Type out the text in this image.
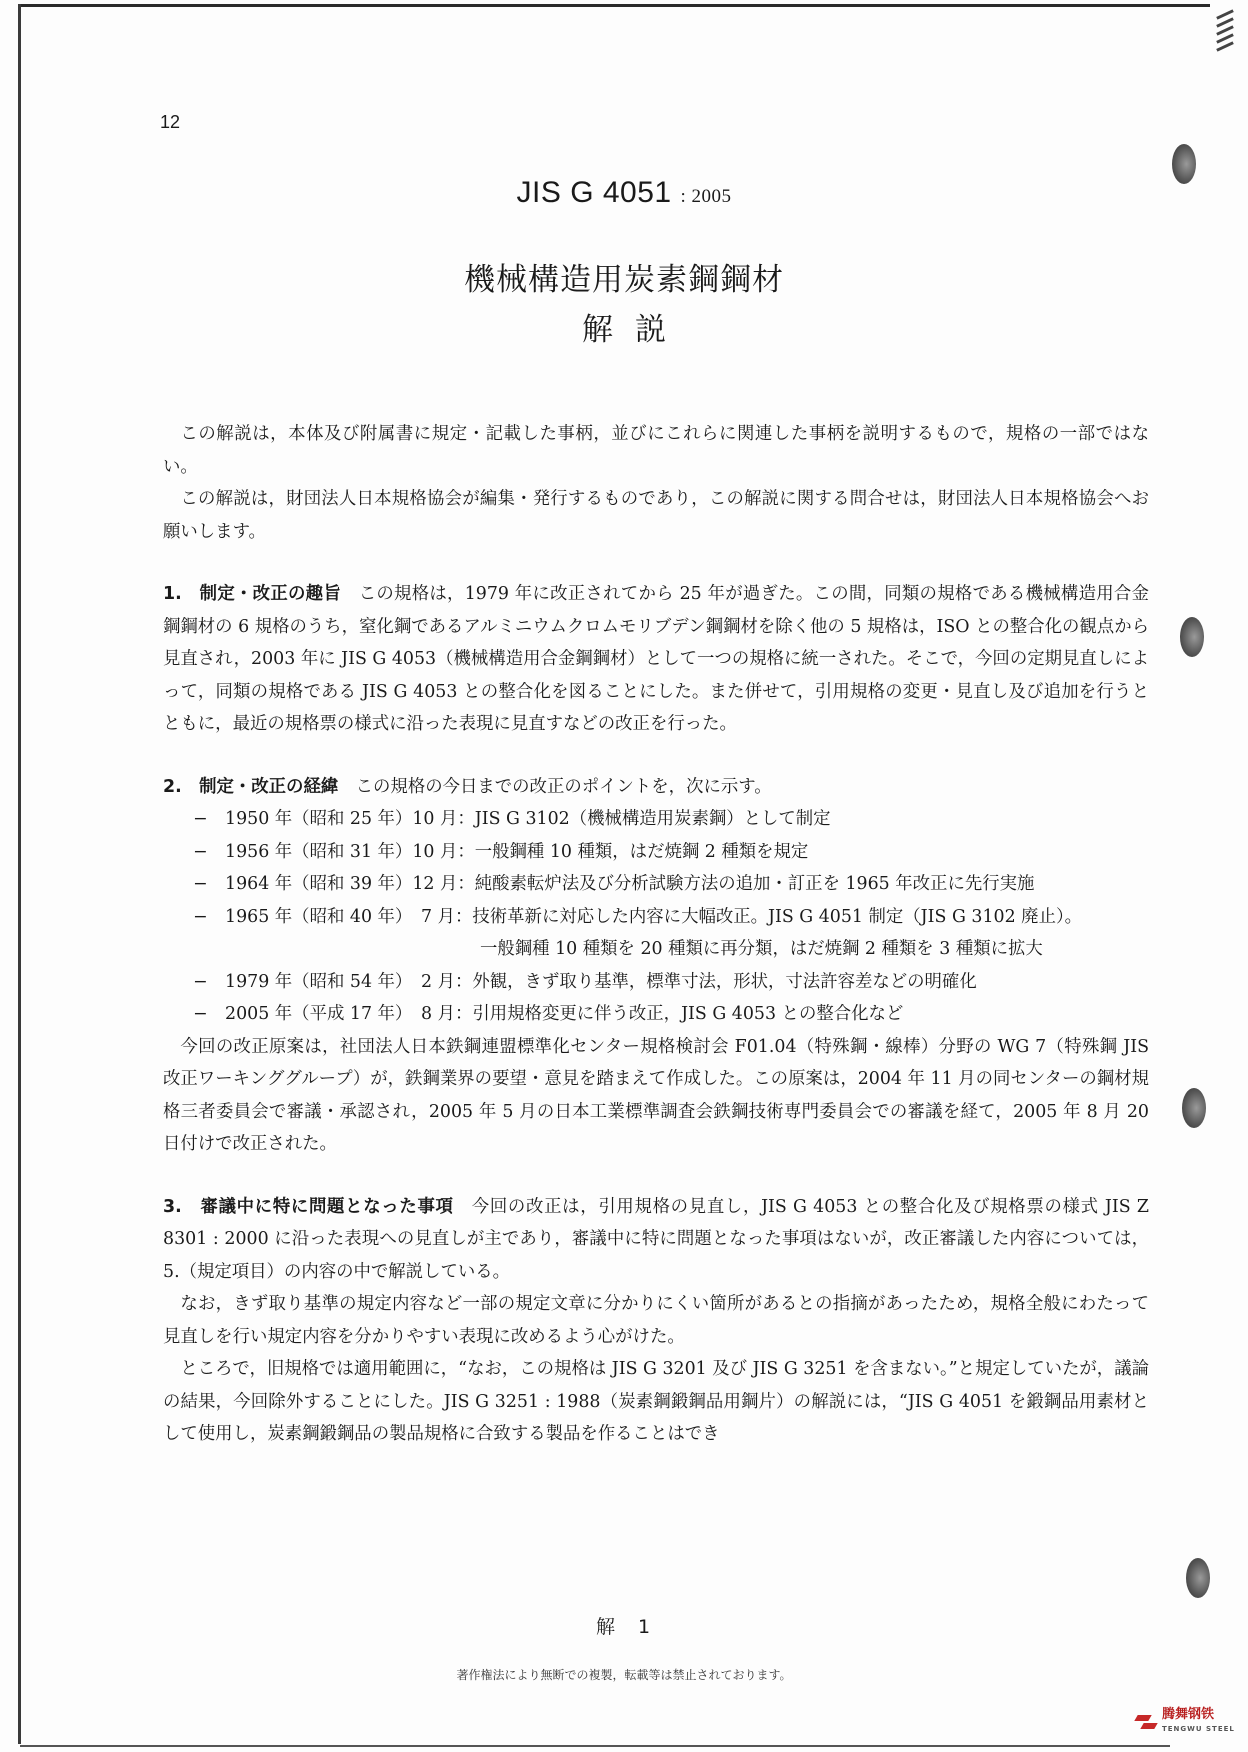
12
JIS G 4051 : 2005
機械構造用炭素鋼鋼材
解説

この解説は，本体及び附属書に規定・記載した事柄，並びにこれらに関連した事柄を説明するもので，規格の一部ではない。

この解説は，財団法人日本規格協会が編集・発行するものであり，この解説に関する問合せは，財団法人日本規格協会へお願いします。

1.　制定・改正の趣旨　 この規格は，1979 年に改正されてから 25 年が過ぎた。この間，同類の規格である機械構造用合金鋼鋼材の 6 規格のうち，窒化鋼であるアルミニウムクロムモリブデン鋼鋼材を除く他の 5 規格は，ISO との整合化の観点から見直され，2003 年に JIS G 4053（機械構造用合金鋼鋼材）として一つの規格に統一された。そこで，今回の定期見直しによって，同類の規格である JIS G 4053 との整合化を図ることにした。また併せて，引用規格の変更・見直し及び追加を行うとともに，最近の規格票の様式に沿った表現に見直すなどの改正を行った。

2.　制定・改正の経緯　 この規格の今日までの改正のポイントを，次に示す。

− 1950 年（昭和 25 年）10 月：JIS G 3102（機械構造用炭素鋼）として制定
− 1956 年（昭和 31 年）10 月：一般鋼種 10 種類，はだ焼鋼 2 種類を規定
− 1964 年（昭和 39 年）12 月：純酸素転炉法及び分析試験方法の追加・訂正を 1965 年改正に先行実施
− 1965 年（昭和 40 年）　7 月：技術革新に対応した内容に大幅改正。JIS G 4051 制定（JIS G 3102 廃止）。
一般鋼種 10 種類を 20 種類に再分類，はだ焼鋼 2 種類を 3 種類に拡大
− 1979 年（昭和 54 年）　2 月：外観，きず取り基準，標準寸法，形状，寸法許容差などの明確化
− 2005 年（平成 17 年）　8 月：引用規格変更に伴う改正，JIS G 4053 との整合化など

今回の改正原案は，社団法人日本鉄鋼連盟標準化センター規格検討会 F01.04（特殊鋼・線棒）分野の WG 7（特殊鋼 JIS 改正ワーキンググループ）が，鉄鋼業界の要望・意見を踏まえて作成した。この原案は，2004 年 11 月の同センターの鋼材規格三者委員会で審議・承認され，2005 年 5 月の日本工業標準調査会鉄鋼技術専門委員会での審議を経て，2005 年 8 月 20 日付けで改正された。

3.　審議中に特に問題となった事項　 今回の改正は，引用規格の見直し，JIS G 4053 との整合化及び規格票の様式 JIS Z 8301 : 2000 に沿った表現への見直しが主であり，審議中に特に問題となった事項はないが，改正審議した内容については，5.（規定項目）の内容の中で解説している。

なお，きず取り基準の規定内容など一部の規定文章に分かりにくい箇所があるとの指摘があったため，規格全般にわたって見直しを行い規定内容を分かりやすい表現に改めるよう心がけた。

ところで，旧規格では適用範囲に，“なお，この規格は JIS G 3201 及び JIS G 3251 を含まない。”と規定していたが，議論の結果，今回除外することにした。JIS G 3251 : 1988（炭素鋼鍛鋼品用鋼片）の解説には，“JIS G 4051 を鍛鋼品用素材として使用し，炭素鋼鍛鋼品の製品規格に合致する製品を作ることはでき

解　1
著作権法により無断での複製，転載等は禁止されております。
腾舞钢铁
TENGWU STEEL
